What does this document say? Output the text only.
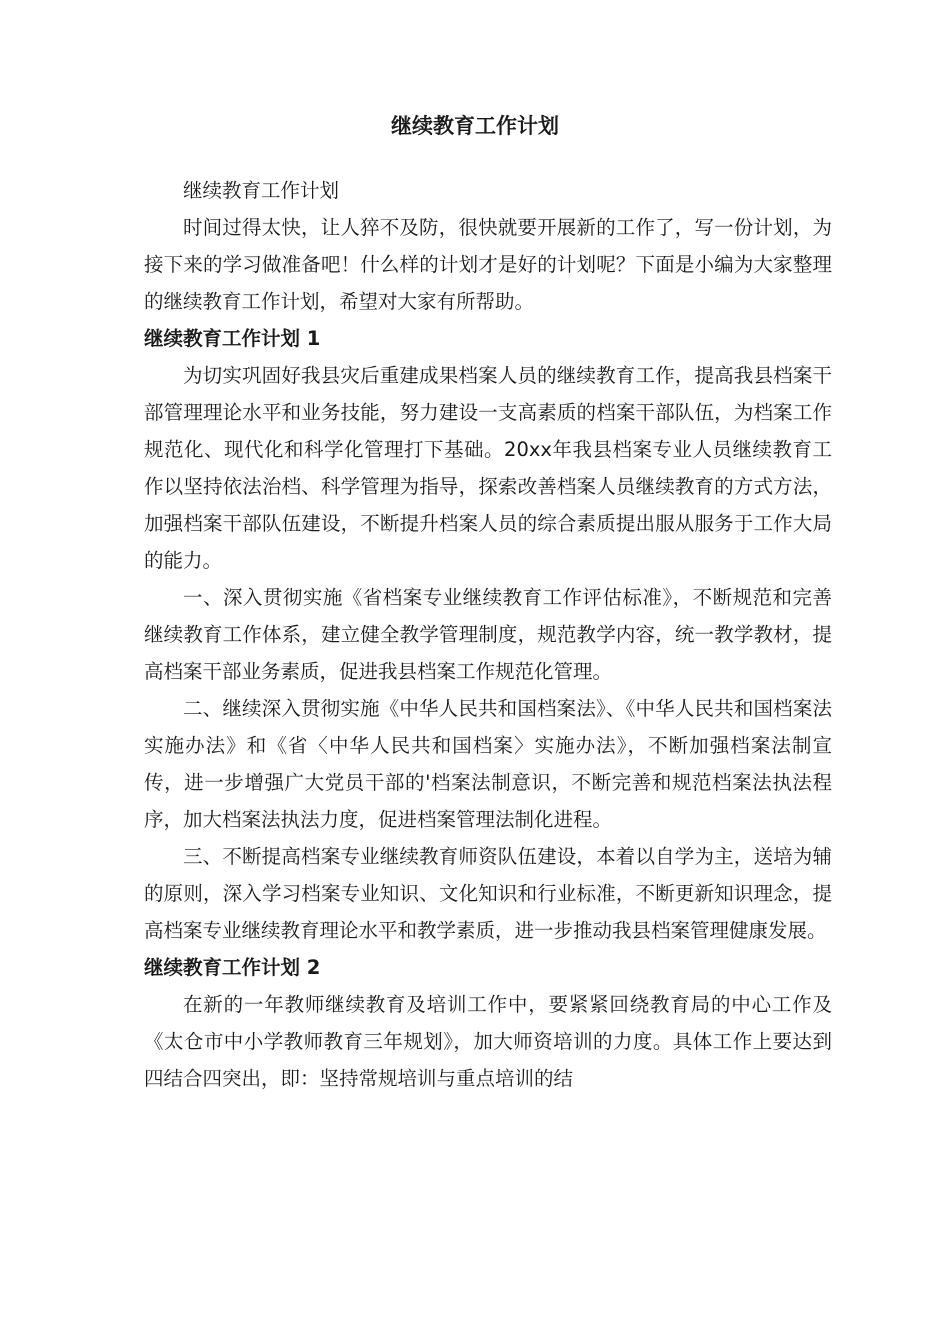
继续教育工作计划

继续教育工作计划

时间过得太快，让人猝不及防，很快就要开展新的工作了，写一份计划，为接下来的学习做准备吧！什么样的计划才是好的计划呢？下面是小编为大家整理的继续教育工作计划，希望对大家有所帮助。

继续教育工作计划 1

为切实巩固好我县灾后重建成果档案人员的继续教育工作，提高我县档案干部管理理论水平和业务技能，努力建设一支高素质的档案干部队伍，为档案工作规范化、现代化和科学化管理打下基础。20xx年我县档案专业人员继续教育工作以坚持依法治档、科学管理为指导，探索改善档案人员继续教育的方式方法，加强档案干部队伍建设，不断提升档案人员的综合素质提出服从服务于工作大局的能力。

一、深入贯彻实施《省档案专业继续教育工作评估标准》，不断规范和完善继续教育工作体系，建立健全教学管理制度，规范教学内容，统一教学教材，提高档案干部业务素质，促进我县档案工作规范化管理。

二、继续深入贯彻实施《中华人民共和国档案法》、《中华人民共和国档案法实施办法》和《省〈中华人民共和国档案〉实施办法》，不断加强档案法制宣传，进一步增强广大党员干部的'档案法制意识，不断完善和规范档案法执法程序，加大档案法执法力度，促进档案管理法制化进程。

三、不断提高档案专业继续教育师资队伍建设，本着以自学为主，送培为辅的原则，深入学习档案专业知识、文化知识和行业标准，不断更新知识理念，提高档案专业继续教育理论水平和教学素质，进一步推动我县档案管理健康发展。

继续教育工作计划 2

在新的一年教师继续教育及培训工作中，要紧紧回绕教育局的中心工作及《太仓市中小学教师教育三年规划》，加大师资培训的力度。具体工作上要达到四结合四突出，即：坚持常规培训与重点培训的结
